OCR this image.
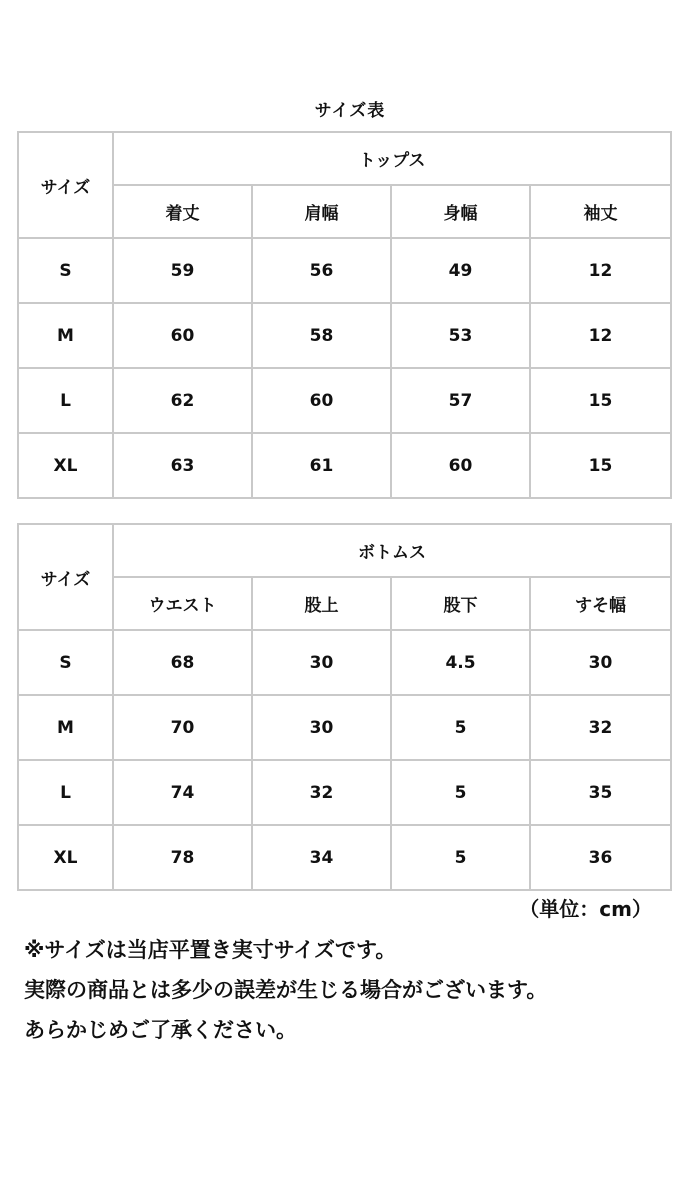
サイズ表
サイズ	トップス			
	着丈	肩幅	身幅	袖丈
S	59	56	49	12
M	60	58	53	12
L	62	60	57	15
XL	63	61	60	15
サイズ	ボトムス			
	ウエスト	股上	股下	すそ幅
S	68	30	4.5	30
M	70	30	5	32
L	74	32	5	35
XL	78	34	5	36
（単位：cm）
※サイズは当店平置き実寸サイズです。
実際の商品とは多少の誤差が生じる場合がございます。
あらかじめご了承ください。
